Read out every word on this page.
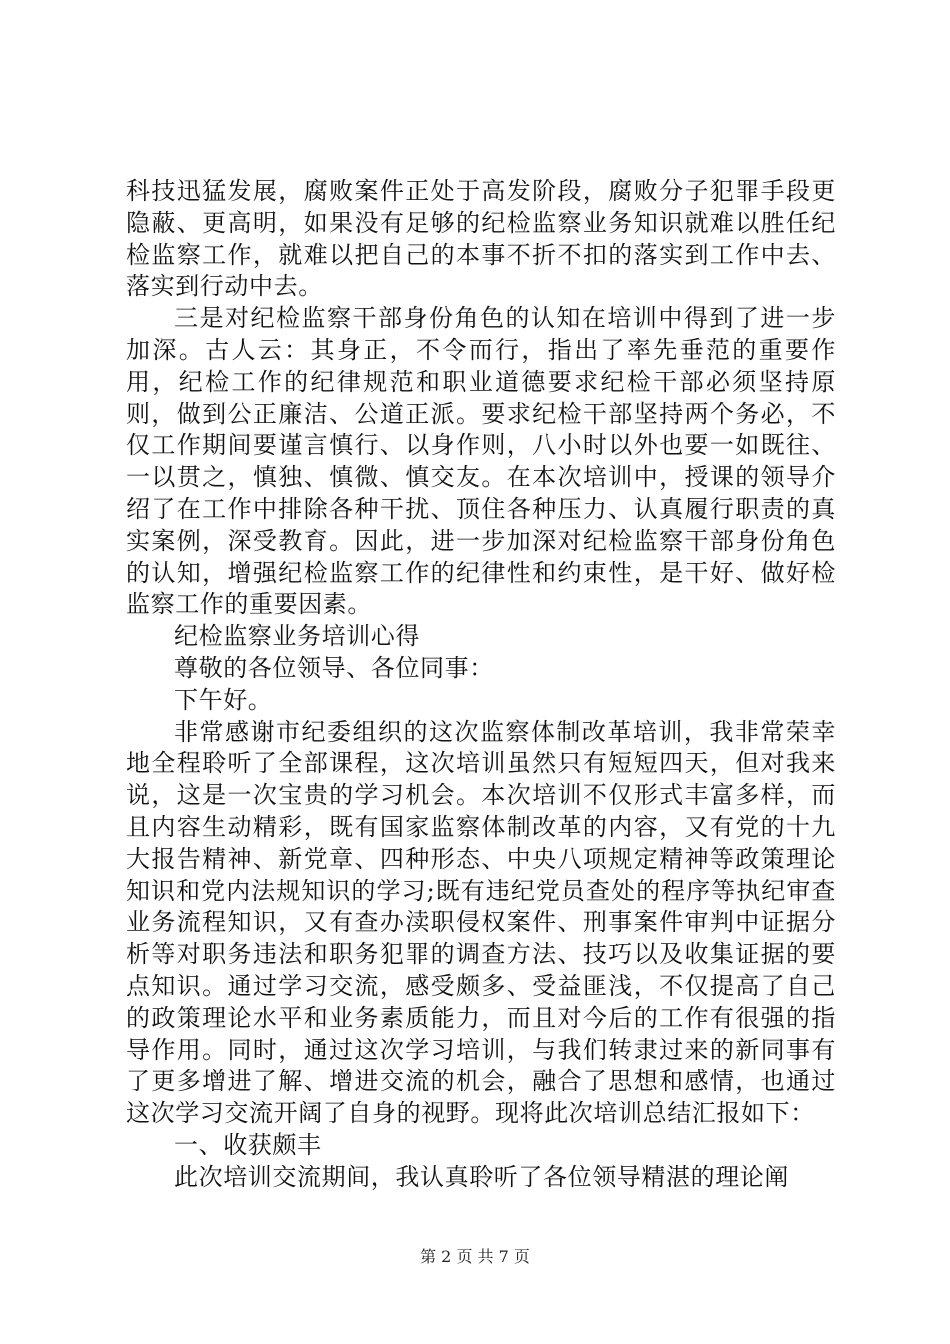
科技迅猛发展，腐败案件正处于高发阶段，腐败分子犯罪手段更隐蔽、更高明，如果没有足够的纪检监察业务知识就难以胜任纪检监察工作，就难以把自己的本事不折不扣的落实到工作中去、落实到行动中去。

三是对纪检监察干部身份角色的认知在培训中得到了进一步加深。古人云：其身正，不令而行，指出了率先垂范的重要作用，纪检工作的纪律规范和职业道德要求纪检干部必须坚持原则，做到公正廉洁、公道正派。要求纪检干部坚持两个务必，不仅工作期间要谨言慎行、以身作则，八小时以外也要一如既往、一以贯之，慎独、慎微、慎交友。在本次培训中，授课的领导介绍了在工作中排除各种干扰、顶住各种压力、认真履行职责的真实案例，深受教育。因此，进一步加深对纪检监察干部身份角色的认知，增强纪检监察工作的纪律性和约束性，是干好、做好检监察工作的重要因素。

纪检监察业务培训心得

尊敬的各位领导、各位同事：

下午好。

非常感谢市纪委组织的这次监察体制改革培训，我非常荣幸地全程聆听了全部课程，这次培训虽然只有短短四天，但对我来说，这是一次宝贵的学习机会。本次培训不仅形式丰富多样，而且内容生动精彩，既有国家监察体制改革的内容，又有党的十九大报告精神、新党章、四种形态、中央八项规定精神等政策理论知识和党内法规知识的学习;既有违纪党员查处的程序等执纪审查业务流程知识，又有查办渎职侵权案件、刑事案件审判中证据分析等对职务违法和职务犯罪的调查方法、技巧以及收集证据的要点知识。通过学习交流，感受颇多、受益匪浅，不仅提高了自己的政策理论水平和业务素质能力，而且对今后的工作有很强的指导作用。同时，通过这次学习培训，与我们转隶过来的新同事有了更多增进了解、增进交流的机会，融合了思想和感情，也通过这次学习交流开阔了自身的视野。现将此次培训总结汇报如下：

一、收获颇丰

此次培训交流期间，我认真聆听了各位领导精湛的理论阐

第 2 页 共 7 页
